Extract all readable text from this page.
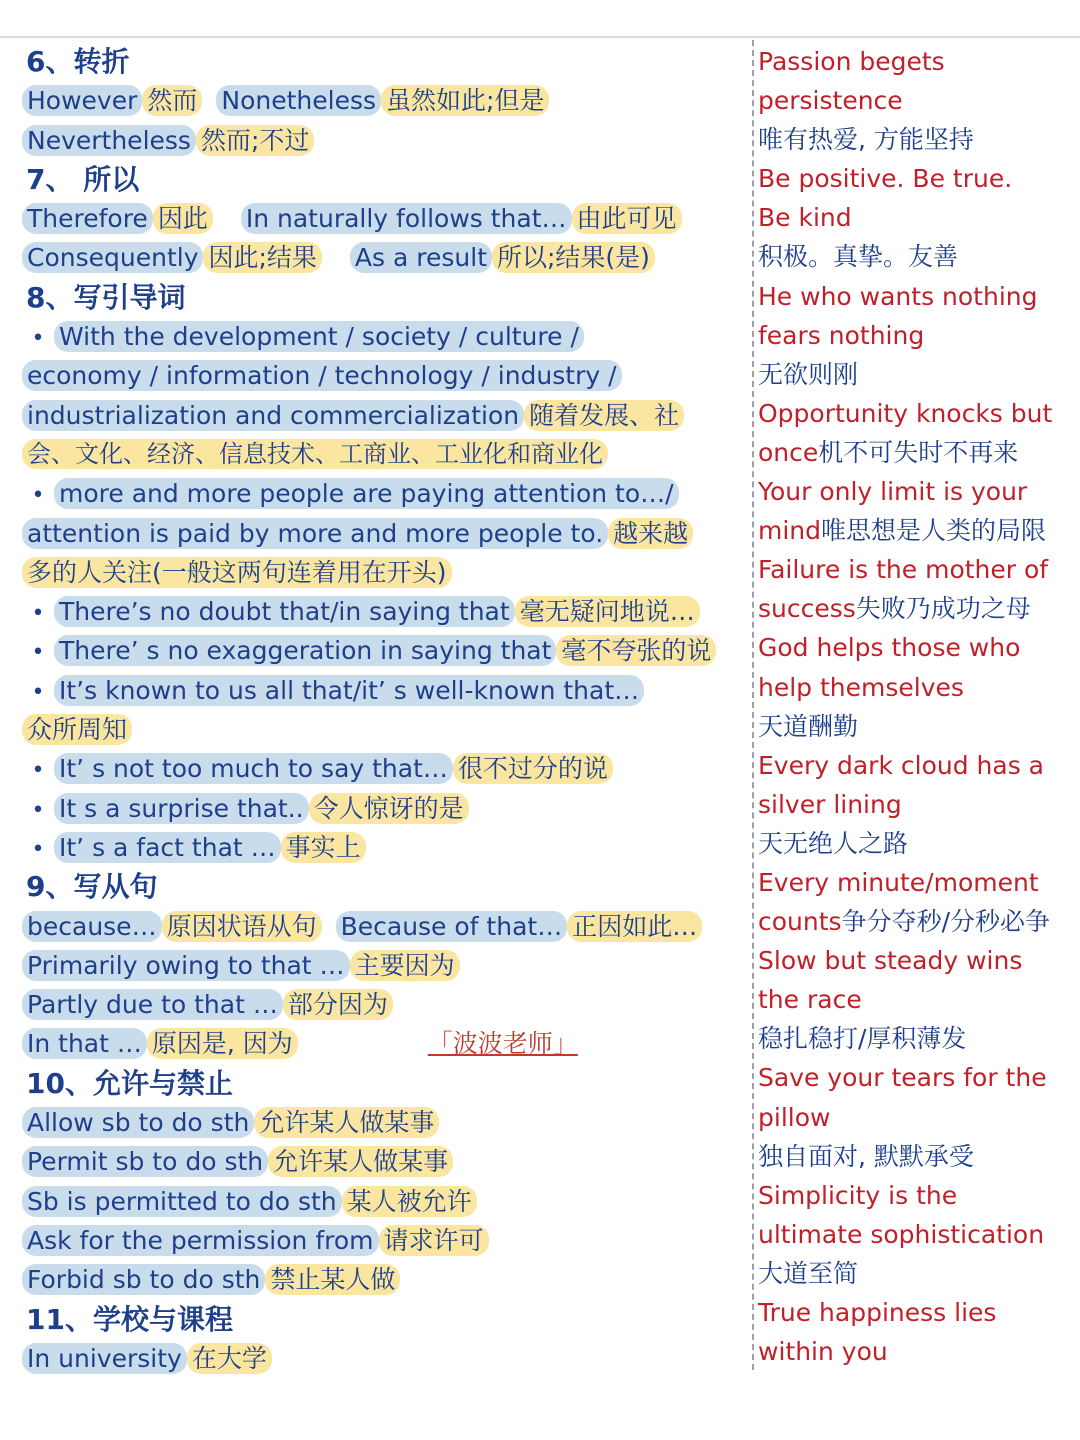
6、转折
However 然而 Nonetheless 虽然如此;但是
Nevertheless 然而;不过
7、 所以
Therefore 因此 In naturally follows that… 由此可见
Consequently 因此;结果 As a result 所以;结果(是)
8、写引导词
• With the development / society / culture /
economy / information / technology / industry /
industrialization and commercialization 随着发展、社
会、文化、经济、信息技术、工商业、工业化和商业化
• more and more people are paying attention to…/
attention is paid by more and more people to. 越来越
多的人关注(一般这两句连着用在开头)
• There’s no doubt that/in saying that 毫无疑问地说…
• There’ s no exaggeration in saying that 毫不夸张的说
• It’s known to us all that/it’ s well-known that…
众所周知
• It’ s not too much to say that… 很不过分的说
• It s a surprise that.. 令人惊讶的是
• It’ s a fact that … 事实上
9、写从句
because… 原因状语从句 Because of that… 正因如此…
Primarily owing to that … 主要因为
Partly due to that … 部分因为
In that … 原因是, 因为	「波波老师」
10、允许与禁止
Allow sb to do sth 允许某人做某事
Permit sb to do sth 允许某人做某事
Sb is permitted to do sth 某人被允许
Ask for the permission from 请求许可
Forbid sb to do sth 禁止某人做
11、学校与课程
In university 在大学
Passion begets
persistence
唯有热爱, 方能坚持
Be positive. Be true.
Be kind
积极。真挚。友善
He who wants nothing
fears nothing
无欲则刚
Opportunity knocks but
once机不可失时不再来
Your only limit is your
mind唯思想是人类的局限
Failure is the mother of
success失败乃成功之母
God helps those who
help themselves
天道酬勤
Every dark cloud has a
silver lining
天无绝人之路
Every minute/moment
counts争分夺秒/分秒必争
Slow but steady wins
the race
稳扎稳打/厚积薄发
Save your tears for the
pillow
独自面对, 默默承受
Simplicity is the
ultimate sophistication
大道至简
True happiness lies
within you
